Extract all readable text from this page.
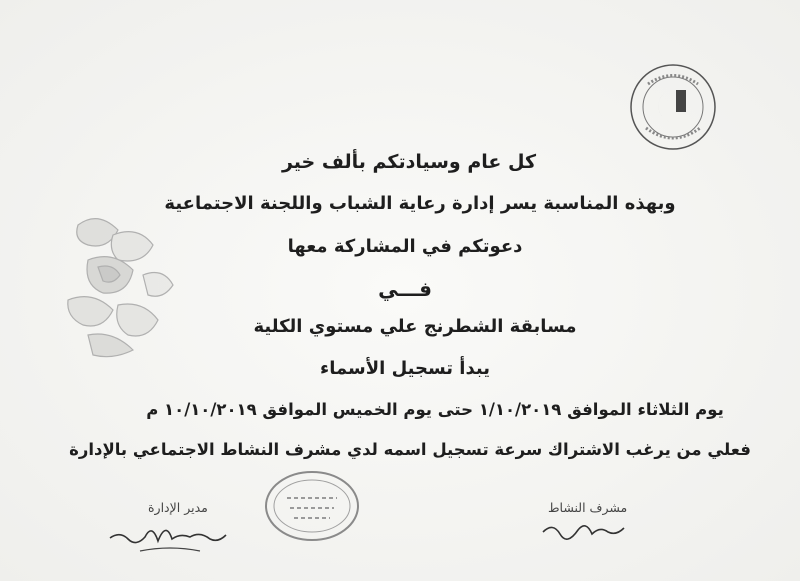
كل عام وسيادتكم بألف خير
وبهذه المناسبة يسر إدارة رعاية الشباب واللجنة الاجتماعية
دعوتكم في المشاركة معها
فـــي
مسابقة الشطرنج علي مستوي الكلية
يبدأ تسجيل الأسماء
يوم الثلاثاء الموافق ١/١٠/٢٠١٩ حتى يوم الخميس الموافق ١٠/١٠/٢٠١٩ م
فعلي من يرغب الاشتراك سرعة تسجيل اسمه لدي مشرف النشاط الاجتماعي بالإدارة
مدير الإدارة	مشرف النشاط
